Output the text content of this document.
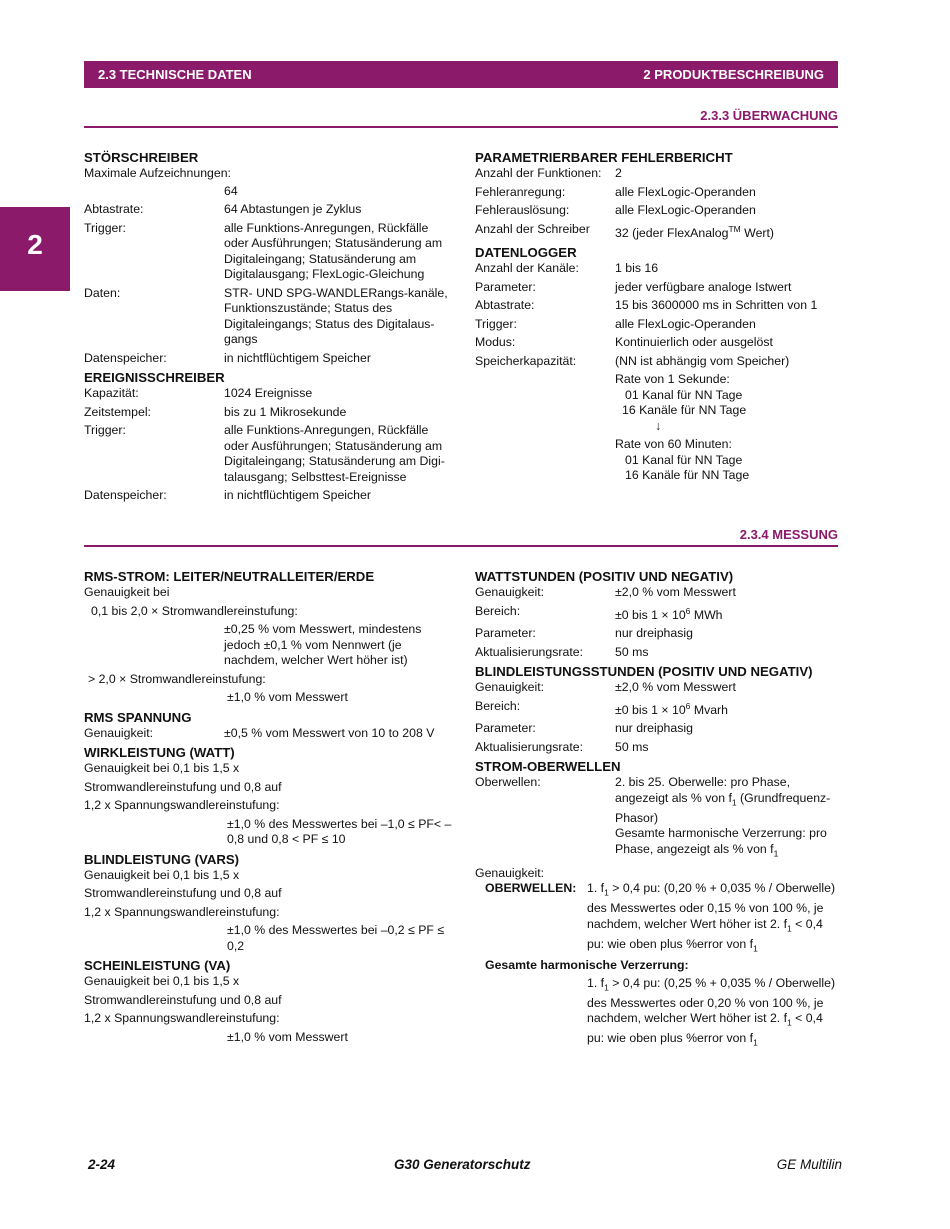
2.3 TECHNISCHE DATEN	2 PRODUKTBESCHREIBUNG
2
2.3.3 ÜBERWACHUNG
STÖRSCHREIBER
Maximale Aufzeichnungen:
64
Abtastrate:	64 Abtastungen je Zyklus
Trigger:	alle Funktions-Anregungen, Rückfälle oder Ausführungen; Statusänderung am Digitaleingang; Statusänderung am Digitalausgang; FlexLogic-Gleichung
Daten:	STR- UND SPG-WANDLERangs-kanäle, Funktionszustände; Status des Digitaleingangs; Status des Digitalaus-gangs
Datenspeicher:	in nichtflüchtigem Speicher
EREIGNISSCHREIBER
Kapazität:	1024 Ereignisse
Zeitstempel:	bis zu 1 Mikrosekunde
Trigger:	alle Funktions-Anregungen, Rückfälle oder Ausführungen; Statusänderung am Digitaleingang; Statusänderung am Digi-talausgang; Selbsttest-Ereignisse
Datenspeicher:	in nichtflüchtigem Speicher
PARAMETRIERBARER FEHLERBERICHT
Anzahl der Funktionen:	2
Fehleranregung:	alle FlexLogic-Operanden
Fehlerauslösung:	alle FlexLogic-Operanden
Anzahl der Schreiber	32 (jeder FlexAnalog™ Wert)
DATENLOGGER
Anzahl der Kanäle:	1 bis 16
Parameter:	jeder verfügbare analoge Istwert
Abtastrate:	15 bis 3600000 ms in Schritten von 1
Trigger:	alle FlexLogic-Operanden
Modus:	Kontinuierlich oder ausgelöst
Speicherkapazität:	(NN ist abhängig vom Speicher)
Rate von 1 Sekunde:
01 Kanal für NN Tage
16 Kanäle für NN Tage
↓
Rate von 60 Minuten:
01 Kanal für NN Tage
16 Kanäle für NN Tage
2.3.4 MESSUNG
RMS-STROM: LEITER/NEUTRALLEITER/ERDE
Genauigkeit bei
0,1 bis 2,0 × Stromwandlereinstufung:
±0,25 % vom Messwert, mindestens jedoch ±0,1 % vom Nennwert (je nachdem, welcher Wert höher ist)
> 2,0 × Stromwandlereinstufung:
±1,0 % vom Messwert
RMS SPANNUNG
Genauigkeit:	±0,5 % vom Messwert von 10 to 208 V
WIRKLEISTUNG (WATT)
Genauigkeit bei 0,1 bis 1,5 x
Stromwandlereinstufung und 0,8 auf
1,2 x Spannungswandlereinstufung:
±1,0 % des Messwertes bei –1,0 ≤ PF< –0,8 und 0,8 < PF ≤ 10
BLINDLEISTUNG (VARS)
Genauigkeit bei 0,1 bis 1,5 x
Stromwandlereinstufung und 0,8 auf
1,2 x Spannungswandlereinstufung:
±1,0 % des Messwertes bei –0,2 ≤ PF ≤ 0,2
SCHEINLEISTUNG (VA)
Genauigkeit bei 0,1 bis 1,5 x
Stromwandlereinstufung und 0,8 auf
1,2 x Spannungswandlereinstufung:
±1,0 % vom Messwert
WATTSTUNDEN (POSITIV UND NEGATIV)
Genauigkeit:	±2,0 % vom Messwert
Bereich:	±0 bis $1 \times 10^6$ MWh
Parameter:	nur dreiphasig
Aktualisierungsrate:	50 ms
BLINDLEISTUNGSSTUNDEN (POSITIV UND NEGATIV)
Genauigkeit:	±2,0 % vom Messwert
Bereich:	±0 bis $1 \times 10^6$ Mvarh
Parameter:	nur dreiphasig
Aktualisierungsrate:	50 ms
STROM-OBERWELLEN
Oberwellen:	2. bis 25. Oberwelle: pro Phase, angezeigt als % von $f_1$ (Grundfrequenz-Phasor)
Gesamte harmonische Verzerrung: pro Phase, angezeigt als % von $f_1$
Genauigkeit:
OBERWELLEN: 1. $f_1 > 0,4$ pu: (0,20 % + 0,035 % / Oberwelle) des Messwertes oder 0,15 % von 100 %, je nachdem, welcher Wert höher ist 2. $f_1 < 0,4$ pu: wie oben plus %error von $f_1$
Gesamte harmonische Verzerrung:
1. $f_1 > 0,4$ pu: (0,25 % + 0,035 % / Oberwelle) des Messwertes oder 0,20 % von 100 %, je nachdem, welcher Wert höher ist 2. $f_1 < 0,4$ pu: wie oben plus %error von $f_1$
2-24	G30 Generatorschutz	GE Multilin
